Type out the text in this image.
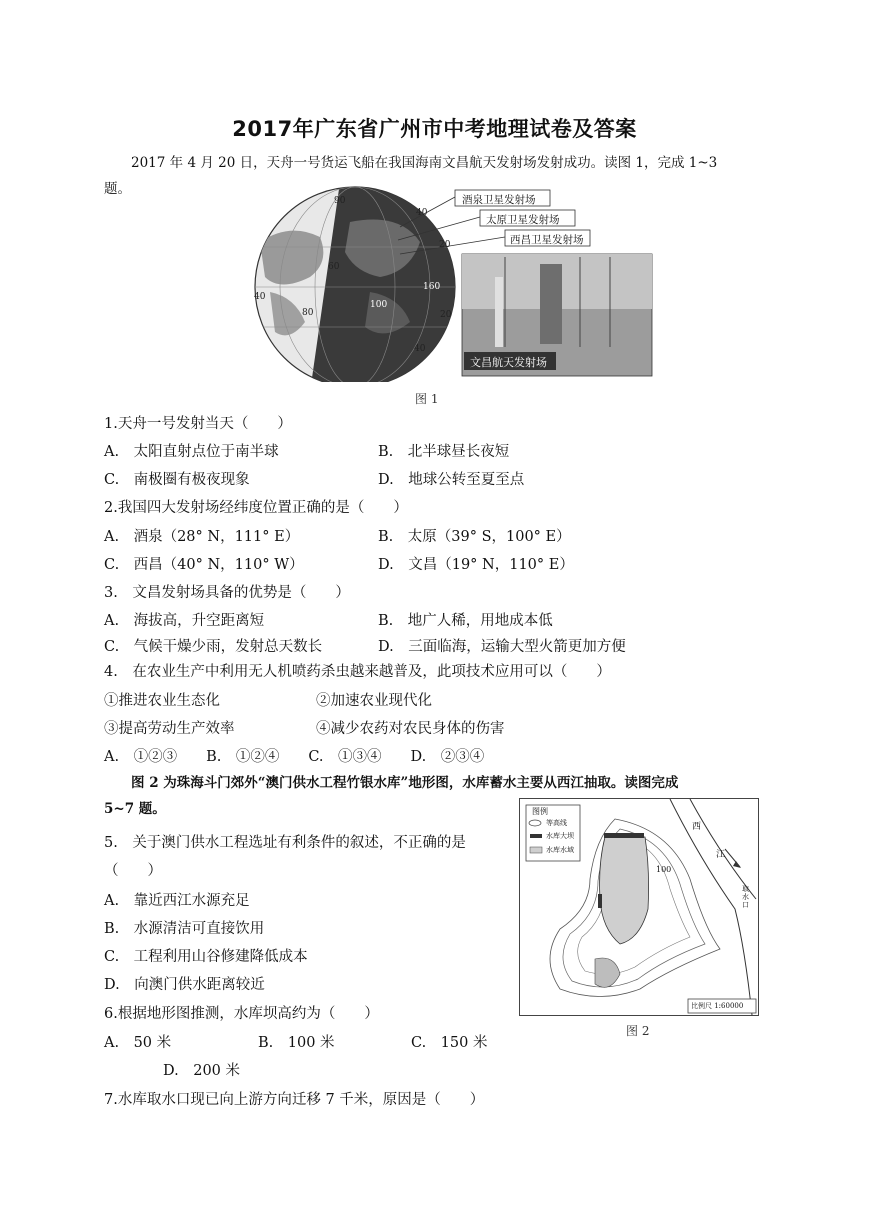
2017年广东省广州市中考地理试卷及答案
2017 年 4 月 20 日，天舟一号货运飞船在我国海南文昌航天发射场发射成功。读图 1，完成 1~3
题。
酒泉卫星发射场
太原卫星发射场
西昌卫星发射场
文昌航天发射场
90
40
20
160
20
40
100
80
40
60
图 1
1.天舟一号发射当天（　　）
A.　太阳直射点位于南半球	B.　北半球昼长夜短
C.　南极圈有极夜现象	D.　地球公转至夏至点
2.我国四大发射场经纬度位置正确的是（　　）
A.　酒泉（28° N，111° E）	B.　太原（39° S，100° E）
C.　西昌（40° N，110° W）	D.　文昌（19° N，110° E）
3.　文昌发射场具备的优势是（　　）
A.　海拔高，升空距离短	B.　地广人稀，用地成本低
C.　气候干燥少雨，发射总天数长	D.　三面临海，运输大型火箭更加方便
4.　在农业生产中利用无人机喷药杀虫越来越普及，此项技术应用可以（　　）
①推进农业生态化	②加速农业现代化
③提高劳动生产效率	④减少农药对农民身体的伤害
A.　①②③　　B.　①②④　　C.　①③④　　D.　②③④
图 2 为珠海斗门郊外“澳门供水工程竹银水库”地形图，水库蓄水主要从西江抽取。读图完成
5~7 题。	图例
等高线
水库大坝
水库水域
西
江
取水口
100
比例尺 1:60000
图 2
5.　关于澳门供水工程选址有利条件的叙述，不正确的是
（　　）
A.　靠近西江水源充足
B.　水源清洁可直接饮用
C.　工程利用山谷修建降低成本
D.　向澳门供水距离较近
6.根据地形图推测，水库坝高约为（　　）
A.　50 米	B.　100 米	C.　150 米
D.　200 米
7.水库取水口现已向上游方向迁移 7 千米，原因是（　　）
